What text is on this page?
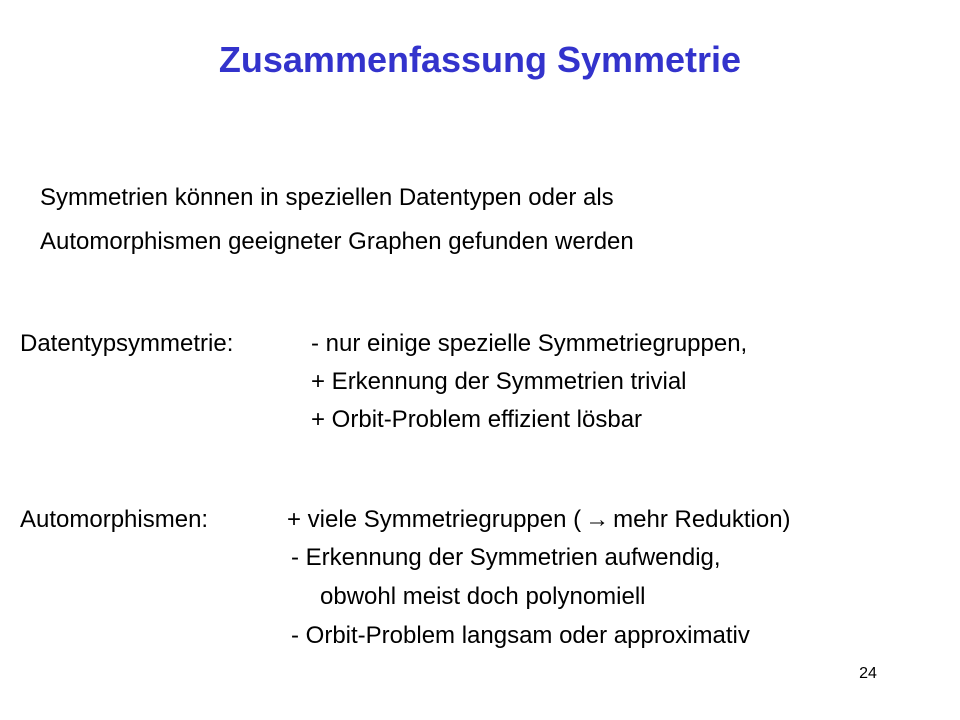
Zusammenfassung Symmetrie
Symmetrien können in speziellen Datentypen oder als
Automorphismen geeigneter Graphen gefunden werden
Datentypsymmetrie:	- nur einige spezielle Symmetriegruppen,
+ Erkennung der Symmetrien trivial
+ Orbit-Problem effizient lösbar
Automorphismen:	+ viele Symmetriegruppen ( → mehr Reduktion)
- Erkennung der Symmetrien aufwendig,
obwohl meist doch polynomiell
- Orbit-Problem langsam oder approximativ
24
